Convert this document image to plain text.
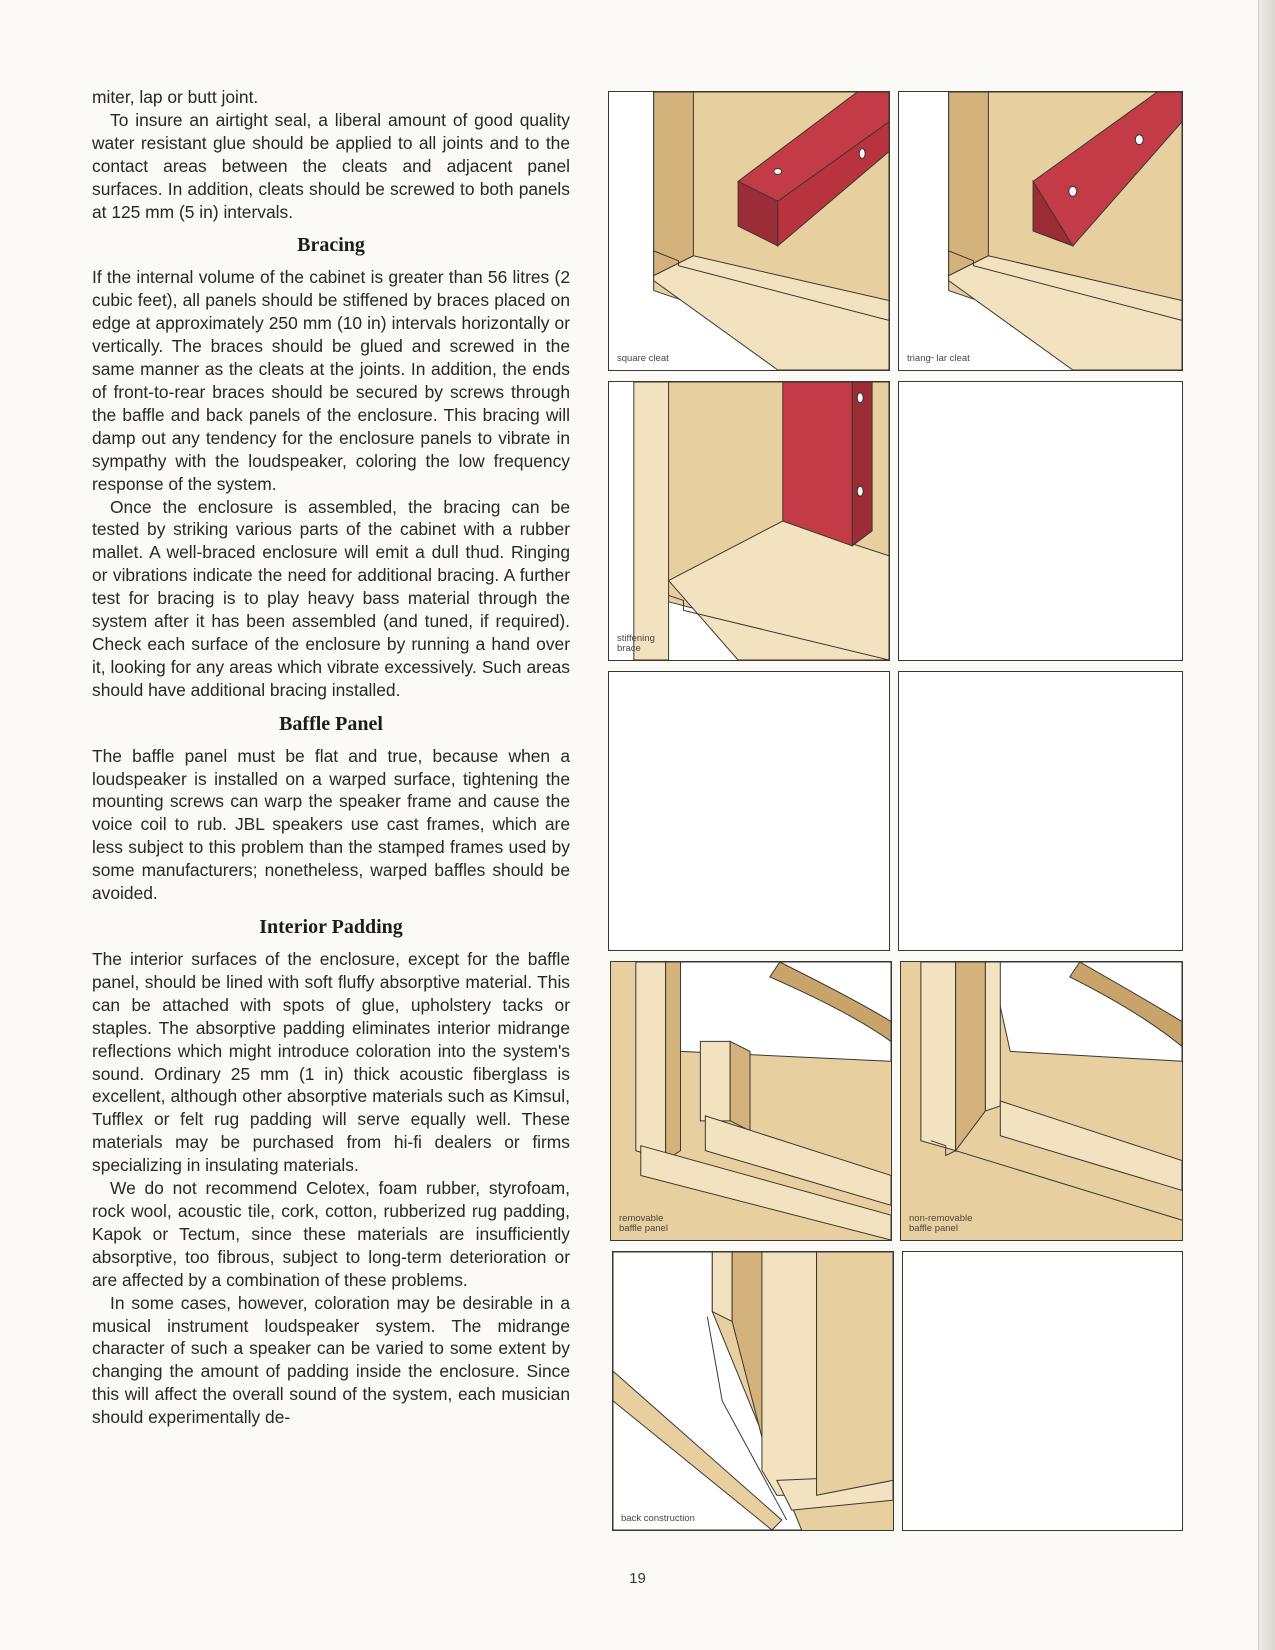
miter, lap or butt joint.

To insure an airtight seal, a liberal amount of good quality water resistant glue should be applied to all joints and to the contact areas between the cleats and adjacent panel surfaces. In addition, cleats should be screwed to both panels at 125 mm (5 in) intervals.

Bracing

If the internal volume of the cabinet is greater than 56 litres (2 cubic feet), all panels should be stiffened by braces placed on edge at approximately 250 mm (10 in) intervals horizontally or vertically. The braces should be glued and screwed in the same manner as the cleats at the joints. In addition, the ends of front-to-rear braces should be secured by screws through the baffle and back panels of the enclosure. This bracing will damp out any tendency for the enclosure panels to vibrate in sympathy with the loudspeaker, coloring the low frequency response of the system.

Once the enclosure is assembled, the bracing can be tested by striking various parts of the cabinet with a rubber mallet. A well-braced enclosure will emit a dull thud. Ringing or vibrations indicate the need for additional bracing. A further test for bracing is to play heavy bass material through the system after it has been assembled (and tuned, if required). Check each surface of the enclosure by running a hand over it, looking for any areas which vibrate excessively. Such areas should have additional bracing installed.

Baffle Panel

The baffle panel must be flat and true, because when a loudspeaker is installed on a warped surface, tightening the mounting screws can warp the speaker frame and cause the voice coil to rub. JBL speakers use cast frames, which are less subject to this problem than the stamped frames used by some manufacturers; nonetheless, warped baffles should be avoided.

Interior Padding

The interior surfaces of the enclosure, except for the baffle panel, should be lined with soft fluffy absorptive material. This can be attached with spots of glue, upholstery tacks or staples. The absorptive padding eliminates interior midrange reflections which might introduce coloration into the system's sound. Ordinary 25 mm (1 in) thick acoustic fiberglass is excellent, although other absorptive materials such as Kimsul, Tufflex or felt rug padding will serve equally well. These materials may be purchased from hi-fi dealers or firms specializing in insulating materials.

We do not recommend Celotex, foam rubber, styrofoam, rock wool, acoustic tile, cork, cotton, rubberized rug padding, Kapok or Tectum, since these materials are insufficiently absorptive, too fibrous, subject to long-term deterioration or are affected by a combination of these problems.

In some cases, however, coloration may be desirable in a musical instrument loudspeaker system. The midrange character of such a speaker can be varied to some extent by changing the amount of padding inside the enclosure. Since this will affect the overall sound of the system, each musician should experimentally de-

square cleat	triang╴lar cleat
stiffening
brace
removable
baffle panel
non-removable
baffle panel
back construction
19
